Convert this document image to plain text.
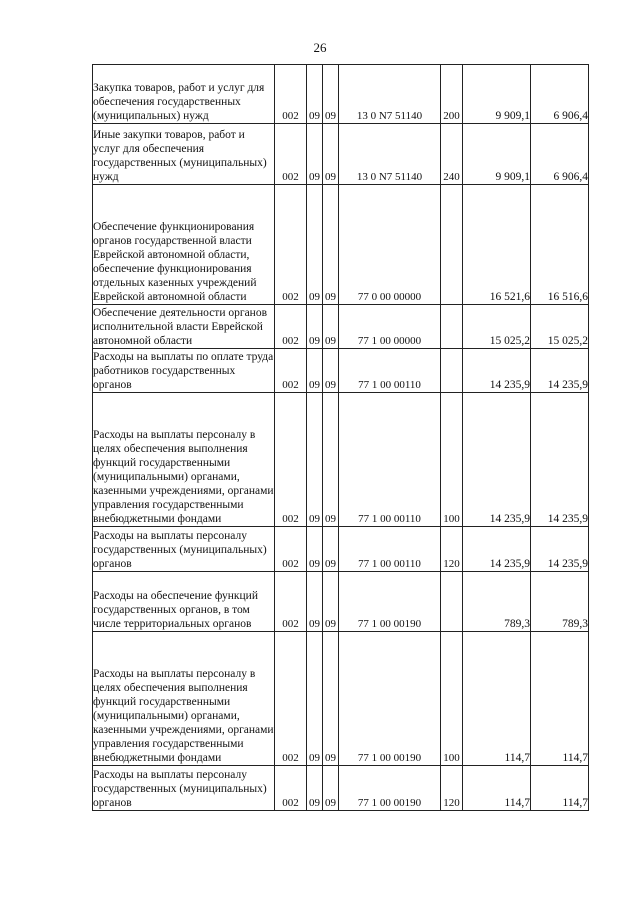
26
Закупка товаров, работ и услуг для обеспечения государственных (муниципальных) нужд	002	09	09	13 0 N7 51140	200	9 909,1	6 906,4
Иные закупки товаров, работ и услуг для обеспечения государственных (муниципальных) нужд	002	09	09	13 0 N7 51140	240	9 909,1	6 906,4
Обеспечение функционирования органов государственной власти Еврейской автономной области, обеспечение функционирования отдельных казенных учреждений Еврейской автономной области	002	09	09	77 0 00 00000		16 521,6	16 516,6
Обеспечение деятельности органов исполнительной власти Еврейской автономной области	002	09	09	77 1 00 00000		15 025,2	15 025,2
Расходы на выплаты по оплате труда работников государственных органов	002	09	09	77 1 00 00110		14 235,9	14 235,9
Расходы на выплаты персоналу в целях обеспечения выполнения функций государственными (муниципальными) органами, казенными учреждениями, органами управления государственными внебюджетными фондами	002	09	09	77 1 00 00110	100	14 235,9	14 235,9
Расходы на выплаты персоналу государственных (муниципальных) органов	002	09	09	77 1 00 00110	120	14 235,9	14 235,9
Расходы на обеспечение функций государственных органов, в том числе территориальных органов	002	09	09	77 1 00 00190		789,3	789,3
Расходы на выплаты персоналу в целях обеспечения выполнения функций государственными (муниципальными) органами, казенными учреждениями, органами управления государственными внебюджетными фондами	002	09	09	77 1 00 00190	100	114,7	114,7
Расходы на выплаты персоналу государственных (муниципальных) органов	002	09	09	77 1 00 00190	120	114,7	114,7
